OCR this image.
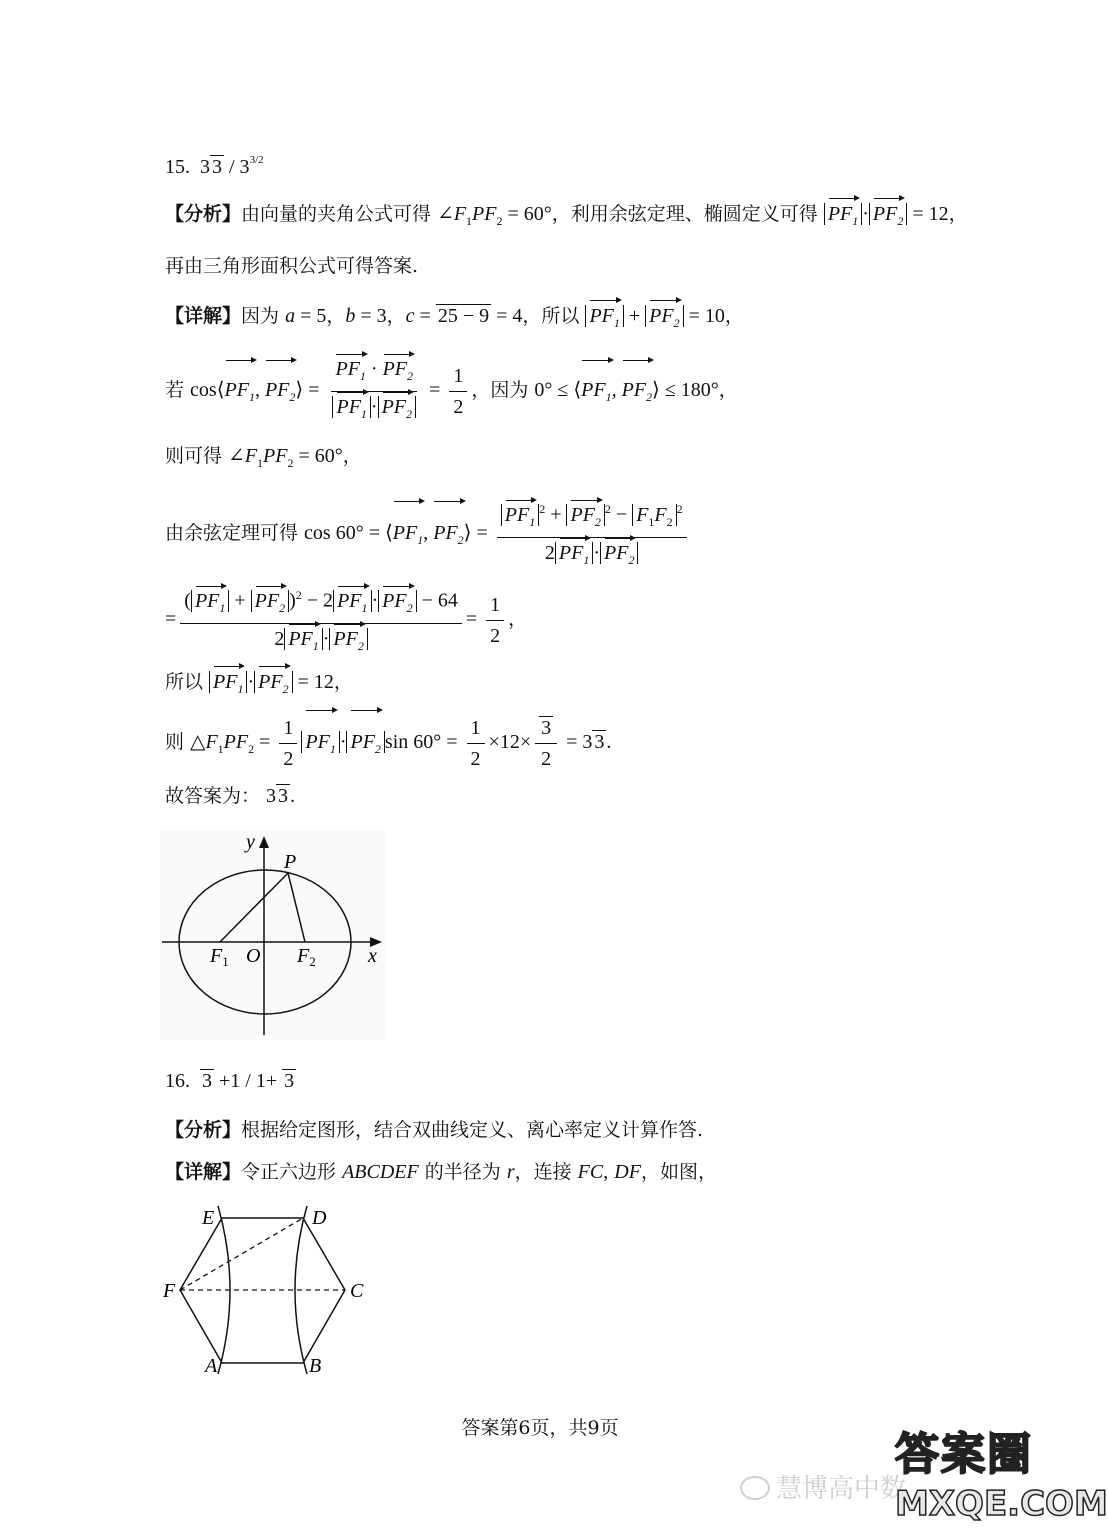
15.  3 $3 / 3^{3/2}$
【分析】由向量的夹角公式可得 $\angle F_1PF_2 = 60^\circ$，利用余弦定理、椭圆定义可得 $PF_1 \cdot PF_2 = 12$，
再由三角形面积公式可得答案.
【详解】因为 a = 5，b = 3，c = 25 − 9 = 4，所以 $PF_1 + PF_2 = 10$，
若 $\cos⟨PF_1$, $PF_2⟩ = \frac{PF_1 \cdot PF_2}{PF_1 \cdot PF_2} = \frac{1}{2}$ ，因为 $0^\circ \le ⟨PF_1$, $PF_2⟩ \le 180^\circ$，
则可得 $\angle F_1PF_2 = 60^\circ$，
由余弦定理可得 $\cos 60^\circ = ⟨PF_1$, $PF_2⟩ = \frac{PF_1^2 + PF_2^2 - F_1F_2^2}{2 PF_1 \cdot PF_2}$
= $\frac{( PF_1 + PF_2 )^2 - 2 PF_1 \cdot PF_2 - 64}{2 PF_1 \cdot PF_2} = \frac{1}{2}$ ，
所以 $PF_1 \cdot PF_2 = 12$，
则 $\triangle F_1PF_2 = \frac{1}{2} PF_1 \cdot PF_2$ $\sin 60^\circ = \frac{1}{2} \times 12\times \frac{3}{2} = 3$ 3 .
故答案为： 3 3 .
y
P
x
O
$F_1$	$F_2$
16. 3 +1 / 1+ 3
【分析】根据给定图形，结合双曲线定义、离心率定义计算作答.
【详解】令正六边形 ABCDEF 的半径为 r，连接 FC, DF，如图，
E	D
F	C
A	B
答案第6页，共9页
慧博高中数
答案圈
MXQE.COM
